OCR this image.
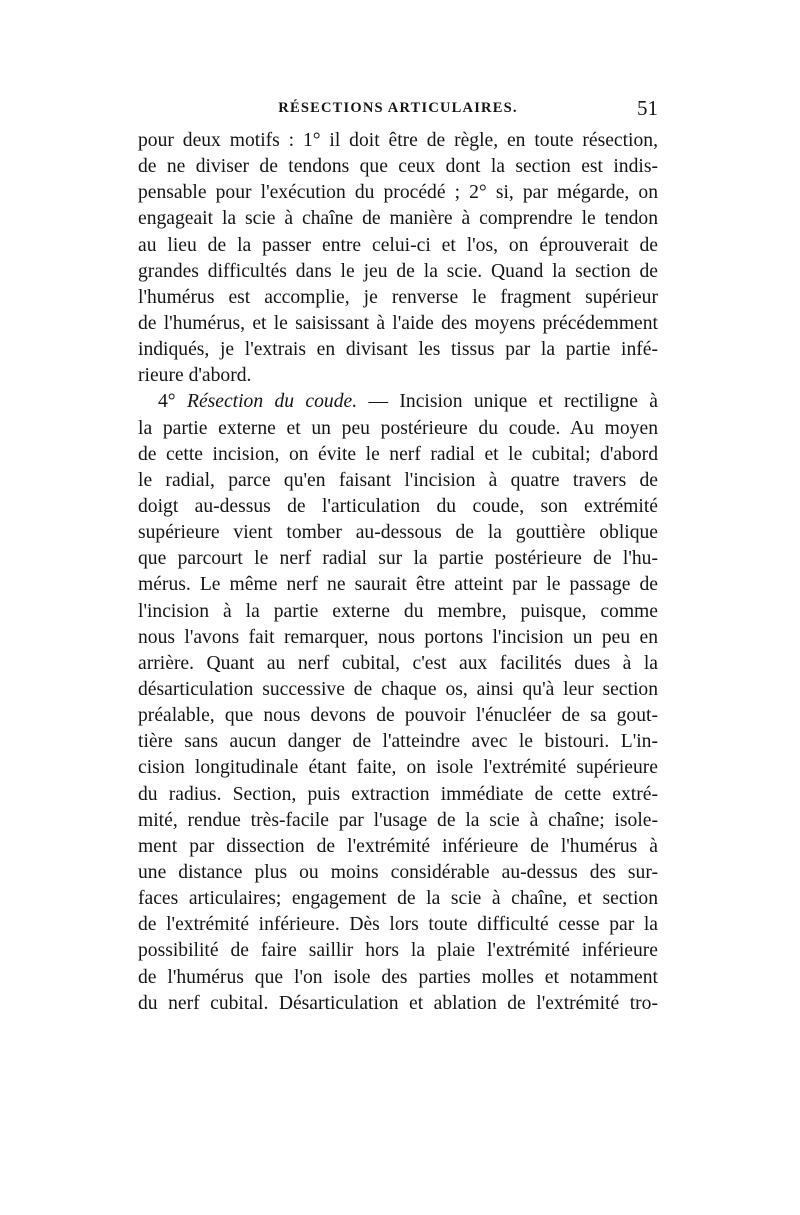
RÉSECTIONS ARTICULAIRES.	51
pour deux motifs : 1° il doit être de règle, en toute résection,
de ne diviser de tendons que ceux dont la section est indis-
pensable pour l'exécution du procédé ; 2° si, par mégarde, on
engageait la scie à chaîne de manière à comprendre le tendon
au lieu de la passer entre celui-ci et l'os, on éprouverait de
grandes difficultés dans le jeu de la scie. Quand la section de
l'humérus est accomplie, je renverse le fragment supérieur
de l'humérus, et le saisissant à l'aide des moyens précédemment
indiqués, je l'extrais en divisant les tissus par la partie infé-
rieure d'abord.
4° Résection du coude. — Incision unique et rectiligne à
la partie externe et un peu postérieure du coude. Au moyen
de cette incision, on évite le nerf radial et le cubital; d'abord
le radial, parce qu'en faisant l'incision à quatre travers de
doigt au-dessus de l'articulation du coude, son extrémité
supérieure vient tomber au-dessous de la gouttière oblique
que parcourt le nerf radial sur la partie postérieure de l'hu-
mérus. Le même nerf ne saurait être atteint par le passage de
l'incision à la partie externe du membre, puisque, comme
nous l'avons fait remarquer, nous portons l'incision un peu en
arrière. Quant au nerf cubital, c'est aux facilités dues à la
désarticulation successive de chaque os, ainsi qu'à leur section
préalable, que nous devons de pouvoir l'énucléer de sa gout-
tière sans aucun danger de l'atteindre avec le bistouri. L'in-
cision longitudinale étant faite, on isole l'extrémité supérieure
du radius. Section, puis extraction immédiate de cette extré-
mité, rendue très-facile par l'usage de la scie à chaîne; isole-
ment par dissection de l'extrémité inférieure de l'humérus à
une distance plus ou moins considérable au-dessus des sur-
faces articulaires; engagement de la scie à chaîne, et section
de l'extrémité inférieure. Dès lors toute difficulté cesse par la
possibilité de faire saillir hors la plaie l'extrémité inférieure
de l'humérus que l'on isole des parties molles et notamment
du nerf cubital. Désarticulation et ablation de l'extrémité tro-
